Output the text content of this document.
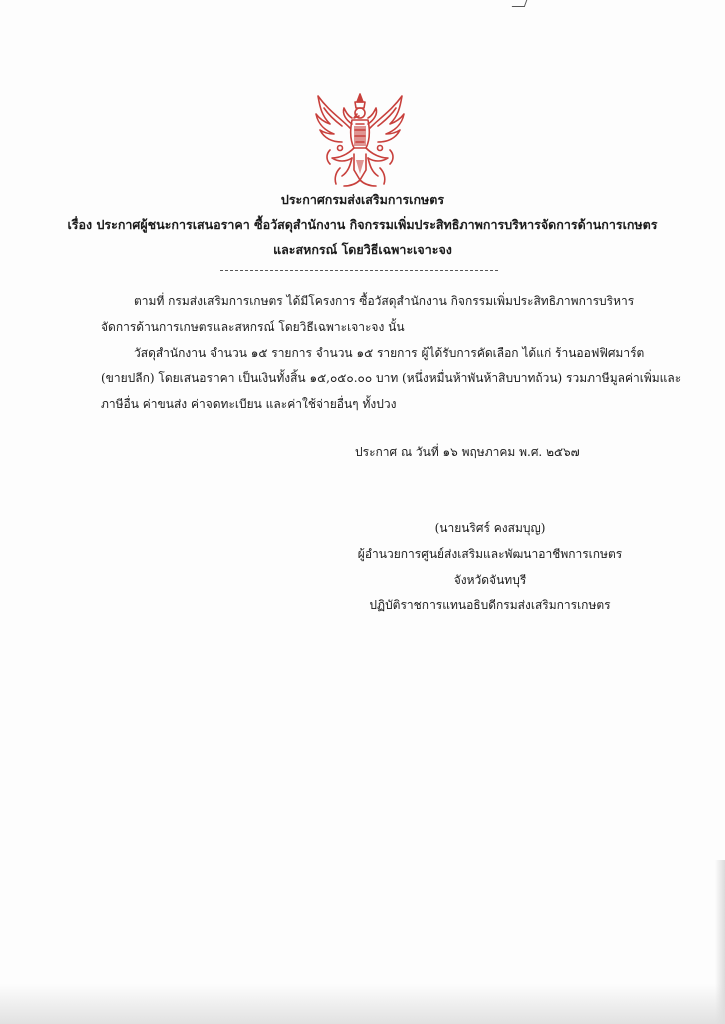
ประกาศกรมส่งเสริมการเกษตร
เรื่อง ประกาศผู้ชนะการเสนอราคา ซื้อวัสดุสำนักงาน กิจกรรมเพิ่มประสิทธิภาพการบริหารจัดการด้านการเกษตร
และสหกรณ์ โดยวิธีเฉพาะเจาะจง
ตามที่ กรมส่งเสริมการเกษตร ได้มีโครงการ ซื้อวัสดุสำนักงาน กิจกรรมเพิ่มประสิทธิภาพการบริหาร
จัดการด้านการเกษตรและสหกรณ์ โดยวิธีเฉพาะเจาะจง นั้น
วัสดุสำนักงาน จำนวน ๑๕ รายการ จำนวน ๑๕ รายการ ผู้ได้รับการคัดเลือก ได้แก่ ร้านออฟฟิศมาร์ต
(ขายปลีก) โดยเสนอราคา เป็นเงินทั้งสิ้น ๑๕,๐๕๐.๐๐ บาท (หนึ่งหมื่นห้าพันห้าสิบบาทถ้วน) รวมภาษีมูลค่าเพิ่มและ
ภาษีอื่น ค่าขนส่ง ค่าจดทะเบียน และค่าใช้จ่ายอื่นๆ ทั้งปวง
ประกาศ ณ วันที่ ๑๖ พฤษภาคม พ.ศ. ๒๕๖๗
(นายนริศร์ คงสมบุญ)
ผู้อำนวยการศูนย์ส่งเสริมและพัฒนาอาชีพการเกษตร
จังหวัดจันทบุรี
ปฏิบัติราชการแทนอธิบดีกรมส่งเสริมการเกษตร
